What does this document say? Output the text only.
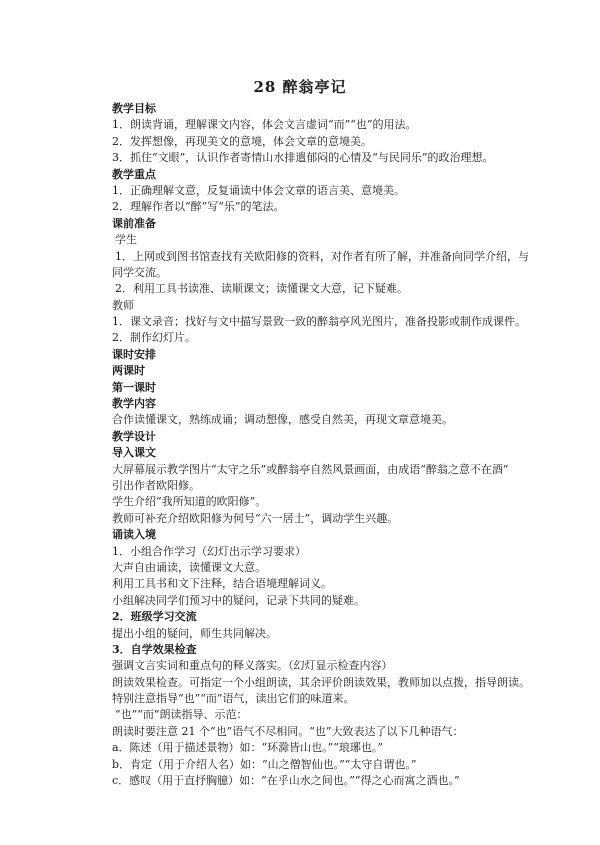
28 醉翁亭记
教学目标
1．朗读背诵，理解课文内容，体会文言虚词“而”“也”的用法。
2．发挥想像，再现美文的意境，体会文章的意境美。
3．抓住“文眼”，认识作者寄情山水排遣郁闷的心情及“与民同乐”的政治理想。
教学重点
1．正确理解文意，反复诵读中体会文章的语言美、意境美。
2．理解作者以“醉”写“乐”的笔法。
课前准备
学生
1．上网或到图书馆查找有关欧阳修的资料，对作者有所了解，并准备向同学介绍，与
同学交流。
2．利用工具书读准、读顺课文；读懂课文大意，记下疑难。
教师
1．课文录音；找好与文中描写景致一致的醉翁亭风光图片，准备投影或制作成课件。
2．制作幻灯片。
课时安排
两课时
第一课时
教学内容
合作读懂课文，熟练成诵；调动想像，感受自然美，再现文章意境美。
教学设计
导入课文
大屏幕展示教学图片“太守之乐”或醉翁亭自然风景画面，由成语“醉翁之意不在酒”
引出作者欧阳修。
学生介绍“我所知道的欧阳修”。
教师可补充介绍欧阳修为何号“六一居士”，调动学生兴趣。
诵读入境
1．小组合作学习（幻灯出示学习要求）
大声自由诵读，读懂课文大意。
利用工具书和文下注释，结合语境理解词义。
小组解决同学们预习中的疑问，记录下共同的疑难。
2．班级学习交流
提出小组的疑问，师生共同解决。
3．自学效果检查
强调文言实词和重点句的释义落实。（幻灯显示检查内容）
朗读效果检查。可指定一个小组朗读，其余评价朗读效果，教师加以点拨，指导朗读。
特别注意指导“也”“而”语气，读出它们的味道来。
“也”“而”朗读指导、示范：
朗读时要注意 21 个“也”语气不尽相同。“也”大致表达了以下几种语气：
a．陈述（用于描述景物）如：“环滁皆山也。”“琅琊也。”
b．肯定（用于介绍人名）如：“山之僧智仙也。”“太守自谓也。”
c．感叹（用于直抒胸臆）如：“在乎山水之间也。”“得之心而寓之酒也。”
